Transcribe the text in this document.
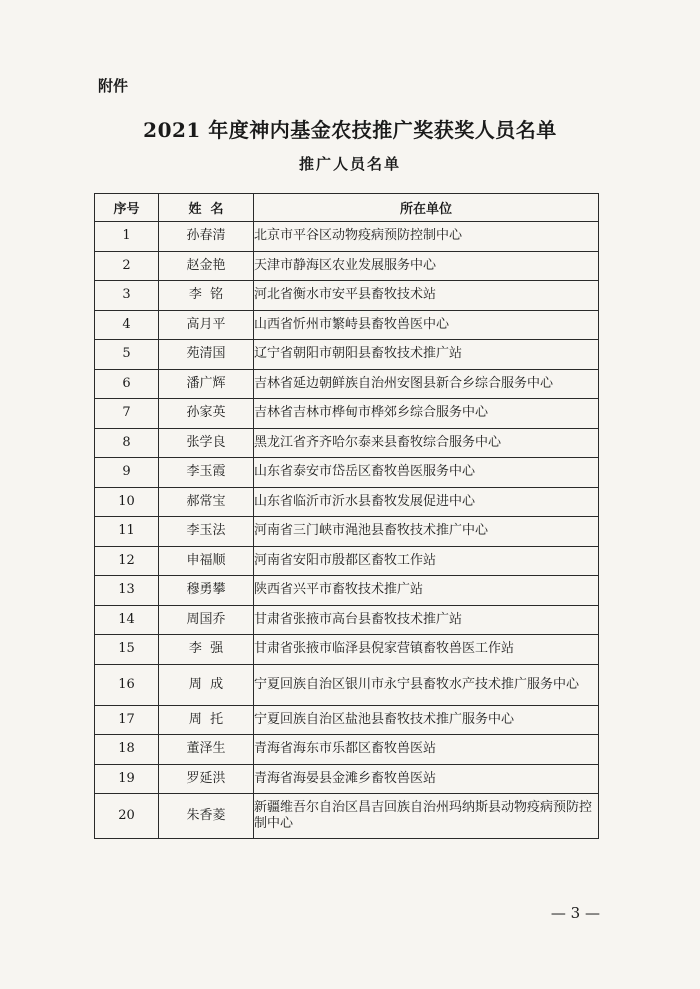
附件
2021 年度神内基金农技推广奖获奖人员名单
推广人员名单
序号	姓  名	所在单位
1	孙春清	北京市平谷区动物疫病预防控制中心
2	赵金艳	天津市静海区农业发展服务中心
3	李  铭	河北省衡水市安平县畜牧技术站
4	高月平	山西省忻州市繁峙县畜牧兽医中心
5	苑清国	辽宁省朝阳市朝阳县畜牧技术推广站
6	潘广辉	吉林省延边朝鲜族自治州安图县新合乡综合服务中心
7	孙家英	吉林省吉林市桦甸市桦郊乡综合服务中心
8	张学良	黑龙江省齐齐哈尔泰来县畜牧综合服务中心
9	李玉霞	山东省泰安市岱岳区畜牧兽医服务中心
10	郝常宝	山东省临沂市沂水县畜牧发展促进中心
11	李玉法	河南省三门峡市渑池县畜牧技术推广中心
12	申福顺	河南省安阳市殷都区畜牧工作站
13	穆勇攀	陕西省兴平市畜牧技术推广站
14	周国乔	甘肃省张掖市高台县畜牧技术推广站
15	李  强	甘肃省张掖市临泽县倪家营镇畜牧兽医工作站
16	周  成	宁夏回族自治区银川市永宁县畜牧水产技术推广服务中心
17	周  托	宁夏回族自治区盐池县畜牧技术推广服务中心
18	董泽生	青海省海东市乐都区畜牧兽医站
19	罗延洪	青海省海晏县金滩乡畜牧兽医站
20	朱香菱	新疆维吾尔自治区昌吉回族自治州玛纳斯县动物疫病预防控制中心
— 3 —
